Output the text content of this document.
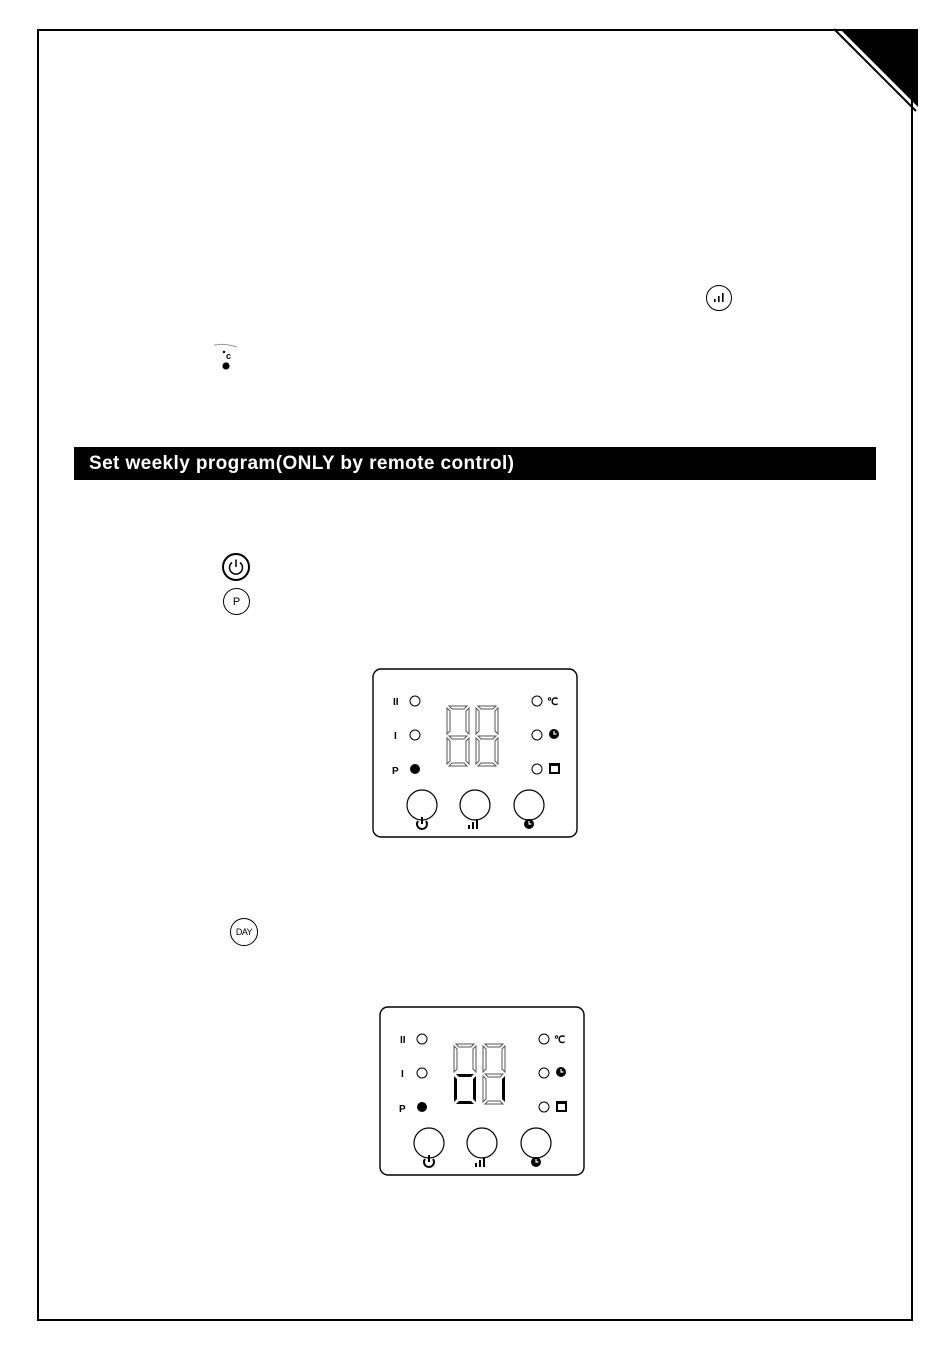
c
Set weekly program(ONLY by remote control)
P
II
I
P
℃
DAY
II
I
P
℃
